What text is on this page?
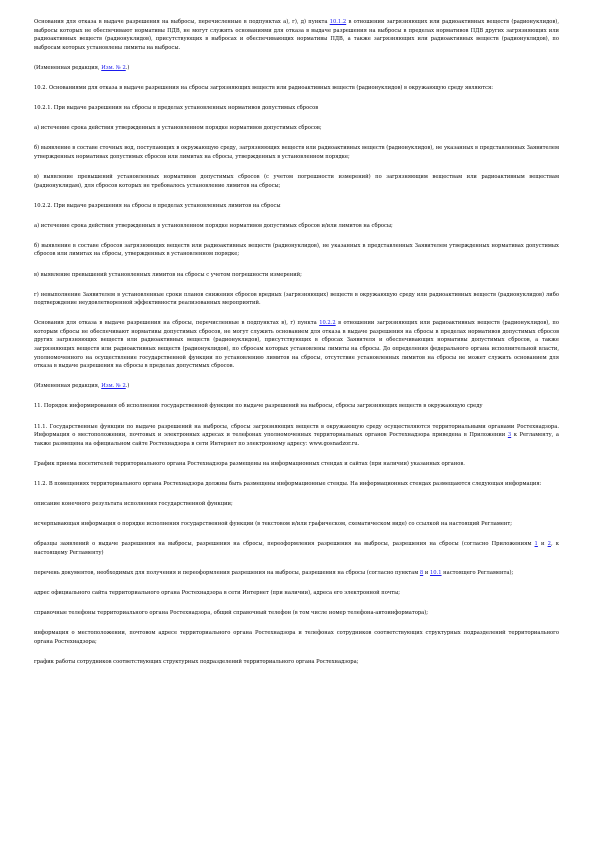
Основания для отказа в выдаче разрешения на выбросы, перечисленные в подпунктах а), г), д) пункта 10.1.2 в отношении загрязняющих или радиоактивных веществ (радионуклидов), выбросы которых не обеспечивают нормативы ПДВ, не могут служить основаниями для отказа в выдаче разрешения на выбросы в пределах нормативов ПДВ других загрязняющих или радиоактивных веществ (радионуклидов), присутствующих в выбросах и обеспечивающих нормативы ПДВ, а также загрязняющих или радиоактивных веществ (радионуклидов), по выбросам которых установлены лимиты на выбросы.

(Измененная редакция, Изм. № 2.)

10.2. Основаниями для отказа в выдаче разрешения на сбросы загрязняющих веществ или радиоактивных веществ (радионуклидов) в окружающую среду являются:

10.2.1. При выдаче разрешения на сбросы в пределах установленных нормативов допустимых сбросов

а) истечение срока действия утвержденных в установленном порядке нормативов допустимых сбросов;

б) выявление в составе сточных вод, поступающих в окружающую среду, загрязняющих веществ или радиоактивных веществ (радионуклидов), не указанных в представленных Заявителем утвержденных нормативах допустимых сбросов или лимитах на сбросы, утвержденных в установленном порядке;

в) выявление превышений установленных нормативов допустимых сбросов (с учетом погрешности измерений) по загрязняющим веществам или радиоактивным веществам (радионуклидам), для сбросов которых не требовалось установление лимитов на сбросы;

10.2.2. При выдаче разрешения на сбросы в пределах установленных лимитов на сбросы

а) истечение срока действия утвержденных в установленном порядке нормативов допустимых сбросов и/или лимитов на сбросы;

б) выявление в составе сбросов загрязняющих веществ или радиоактивных веществ (радионуклидов), не указанных в представленных Заявителем утвержденных нормативах допустимых сбросов или лимитах на сбросы, утвержденных в установленном порядке;

в) выявление превышений установленных лимитов на сбросы с учетом погрешности измерений;

г) невыполнение Заявителем в установленные сроки планов снижения сбросов вредных (загрязняющих) веществ в окружающую среду или радиоактивных веществ (радионуклидов) либо подтверждение неудовлетворенной эффективности реализованных мероприятий.

Основания для отказа в выдаче разрешения на сбросы, перечисленные в подпунктах в), г) пункта 10.2.2 в отношении загрязняющих или радиоактивных веществ (радионуклидов), по которым сбросы не обеспечивают нормативы допустимых сбросов, не могут служить основанием для отказа в выдаче разрешения на сбросы в пределах нормативов допустимых сбросов других загрязняющих веществ или радиоактивных веществ (радионуклидов), присутствующих в сбросах Заявителя и обеспечивающих нормативы допустимых сбросов, а также загрязняющих веществ или радиоактивных веществ (радионуклидов), по сбросам которых установлены лимиты на сбросы. До определения федерального органа исполнительной власти, уполномоченного на осуществление государственной функции по установлению лимитов на сбросы, отсутствие установленных лимитов на сбросы не может служить основанием для отказа в выдаче разрешения на сбросы в пределах допустимых сбросов.

(Измененная редакция, Изм. № 2.)

11. Порядок информирования об исполнении государственной функции по выдаче разрешений на выбросы, сбросы загрязняющих веществ в окружающую среду

11.1. Государственные функции по выдаче разрешений на выбросы, сбросы загрязняющих веществ в окружающую среду осуществляются территориальными органами Ростехнадзора. Информация о местоположении, почтовых и электронных адресах и телефонах уполномоченных территориальных органов Ростехнадзора приведена в Приложении 3 к Регламенту, а также размещена на официальном сайте Ростехнадзора в сети Интернет по электронному адресу: www.gosnadzor.ru.

График приема посетителей территориального органа Ростехнадзора размещены на информационных стендах и сайтах (при наличии) указанных органов.

11.2. В помещениях территориального органа Ростехнадзора должны быть размещены информационные стенды. На информационных стендах размещаются следующая информация:

описание конечного результата исполнения государственной функции;

исчерпывающая информация о порядке исполнения государственной функции (в текстовом и/или графическом, схематическом виде) со ссылкой на настоящий Регламент;

образцы заявлений о выдаче разрешения на выбросы, разрешения на сбросы, переоформления разрешения на выбросы, разрешения на сбросы (согласно Приложениям 1 и 2, к настоящему Регламенту)

перечень документов, необходимых для получения и переоформления разрешения на выбросы, разрешения на сбросы (согласно пунктам 8 и 10.1 настоящего Регламента);

адрес официального сайта территориального органа Ростехнадзора в сети Интернет (при наличии), адреса его электронной почты;

справочные телефоны территориального органа Ростехнадзора, общий справочный телефон (в том числе номер телефона-автоинформатора);

информация о местоположении, почтовом адресе территориального органа Ростехнадзора и телефонах сотрудников соответствующих структурных подразделений территориального органа Ростехнадзора;

график работы сотрудников соответствующих структурных подразделений территориального органа Ростехнадзора;
